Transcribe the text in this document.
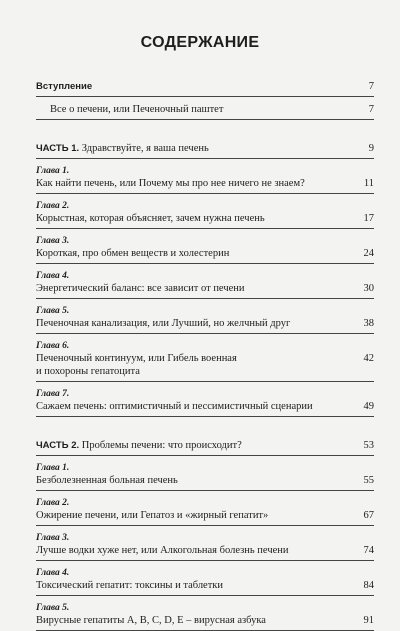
СОДЕРЖАНИЕ
Вступление	7
Все о печени, или Печеночный паштет	7
ЧАСТЬ 1. Здравствуйте, я ваша печень	9
Глава 1.
Как найти печень, или Почему мы про нее ничего не знаем?	11
Глава 2.
Корыстная, которая объясняет, зачем нужна печень	17
Глава 3.
Короткая, про обмен веществ и холестерин	24
Глава 4.
Энергетический баланс: все зависит от печени	30
Глава 5.
Печеночная канализация, или Лучший, но желчный друг	38
Глава 6.
Печеночный континуум, или Гибель военная
и похороны гепатоцита
42
Глава 7.
Сажаем печень: оптимистичный и пессимистичный сценарии	49
ЧАСТЬ 2. Проблемы печени: что происходит?	53
Глава 1.
Безболезненная больная печень	55
Глава 2.
Ожирение печени, или Гепатоз и «жирный гепатит»	67
Глава 3.
Лучше водки хуже нет, или Алкогольная болезнь печени	74
Глава 4.
Токсический гепатит: токсины и таблетки	84
Глава 5.
Вирусные гепатиты A, B, C, D, E – вирусная азбука	91
